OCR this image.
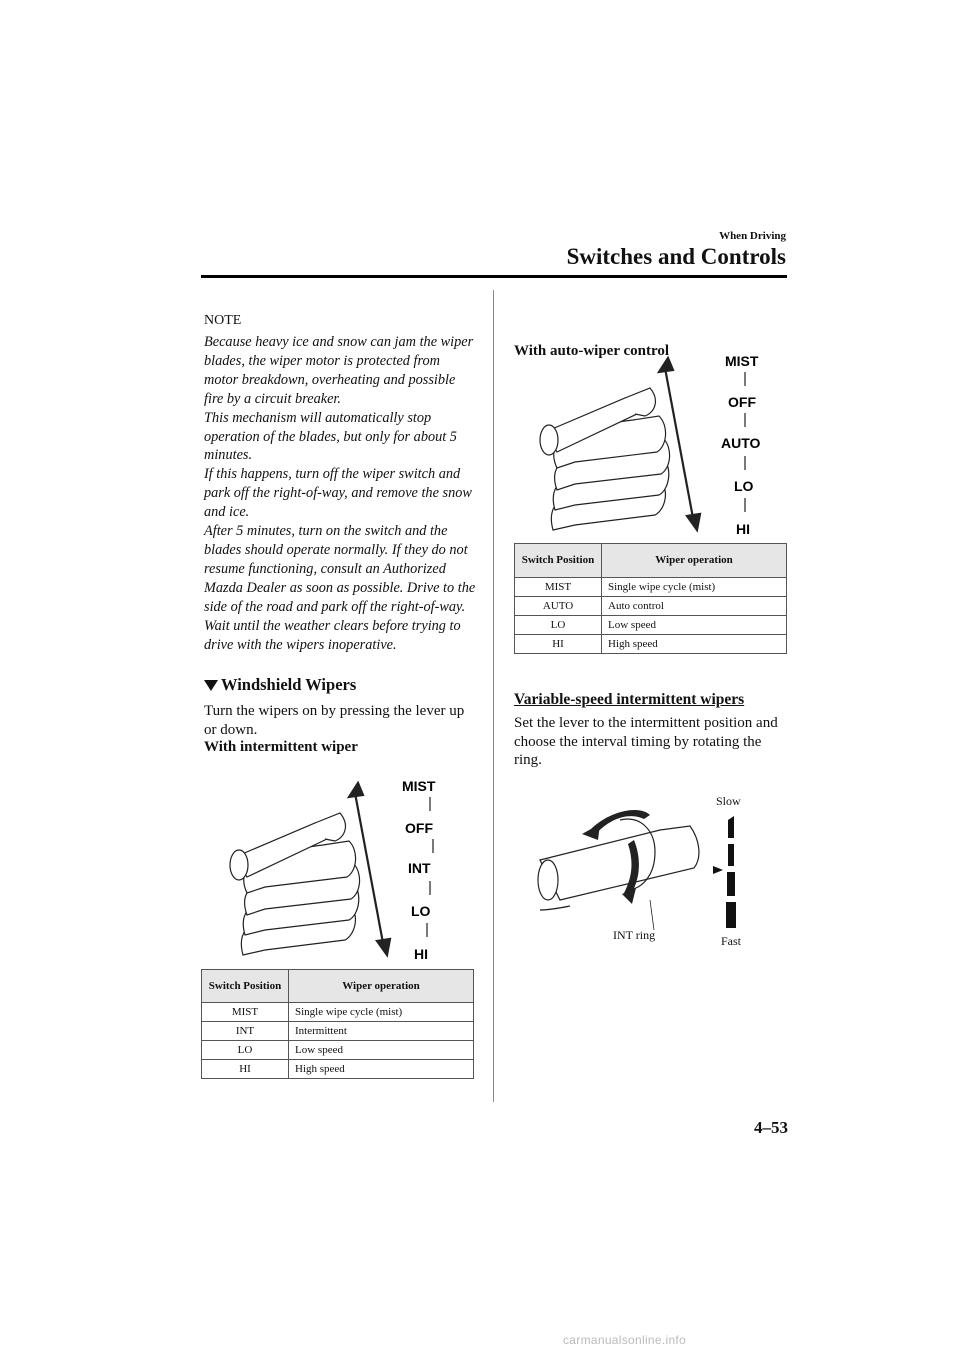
When Driving
Switches and Controls
NOTE

Because heavy ice and snow can jam the wiper blades, the wiper motor is protected from motor breakdown, overheating and possible fire by a circuit breaker.

This mechanism will automatically stop operation of the blades, but only for about 5 minutes.

If this happens, turn off the wiper switch and park off the right-of-way, and remove the snow and ice.

After 5 minutes, turn on the switch and the blades should operate normally. If they do not resume functioning, consult an Authorized Mazda Dealer as soon as possible. Drive to the side of the road and park off the right-of-way. Wait until the weather clears before trying to drive with the wipers inoperative.

Windshield Wipers
Turn the wipers on by pressing the lever up or down.
With intermittent wiper
MIST
OFF
INT
LO
HI
Switch Position	Wiper operation
MIST	Single wipe cycle (mist)
INT	Intermittent
LO	Low speed
HI	High speed
With auto-wiper control
MIST
OFF
AUTO
LO
HI
Switch Position	Wiper operation
MIST	Single wipe cycle (mist)
AUTO	Auto control
LO	Low speed
HI	High speed
Variable-speed intermittent wipers
Set the lever to the intermittent position and choose the interval timing by rotating the ring.
Slow
Fast
INT ring
4–53
carmanualsonline.info
